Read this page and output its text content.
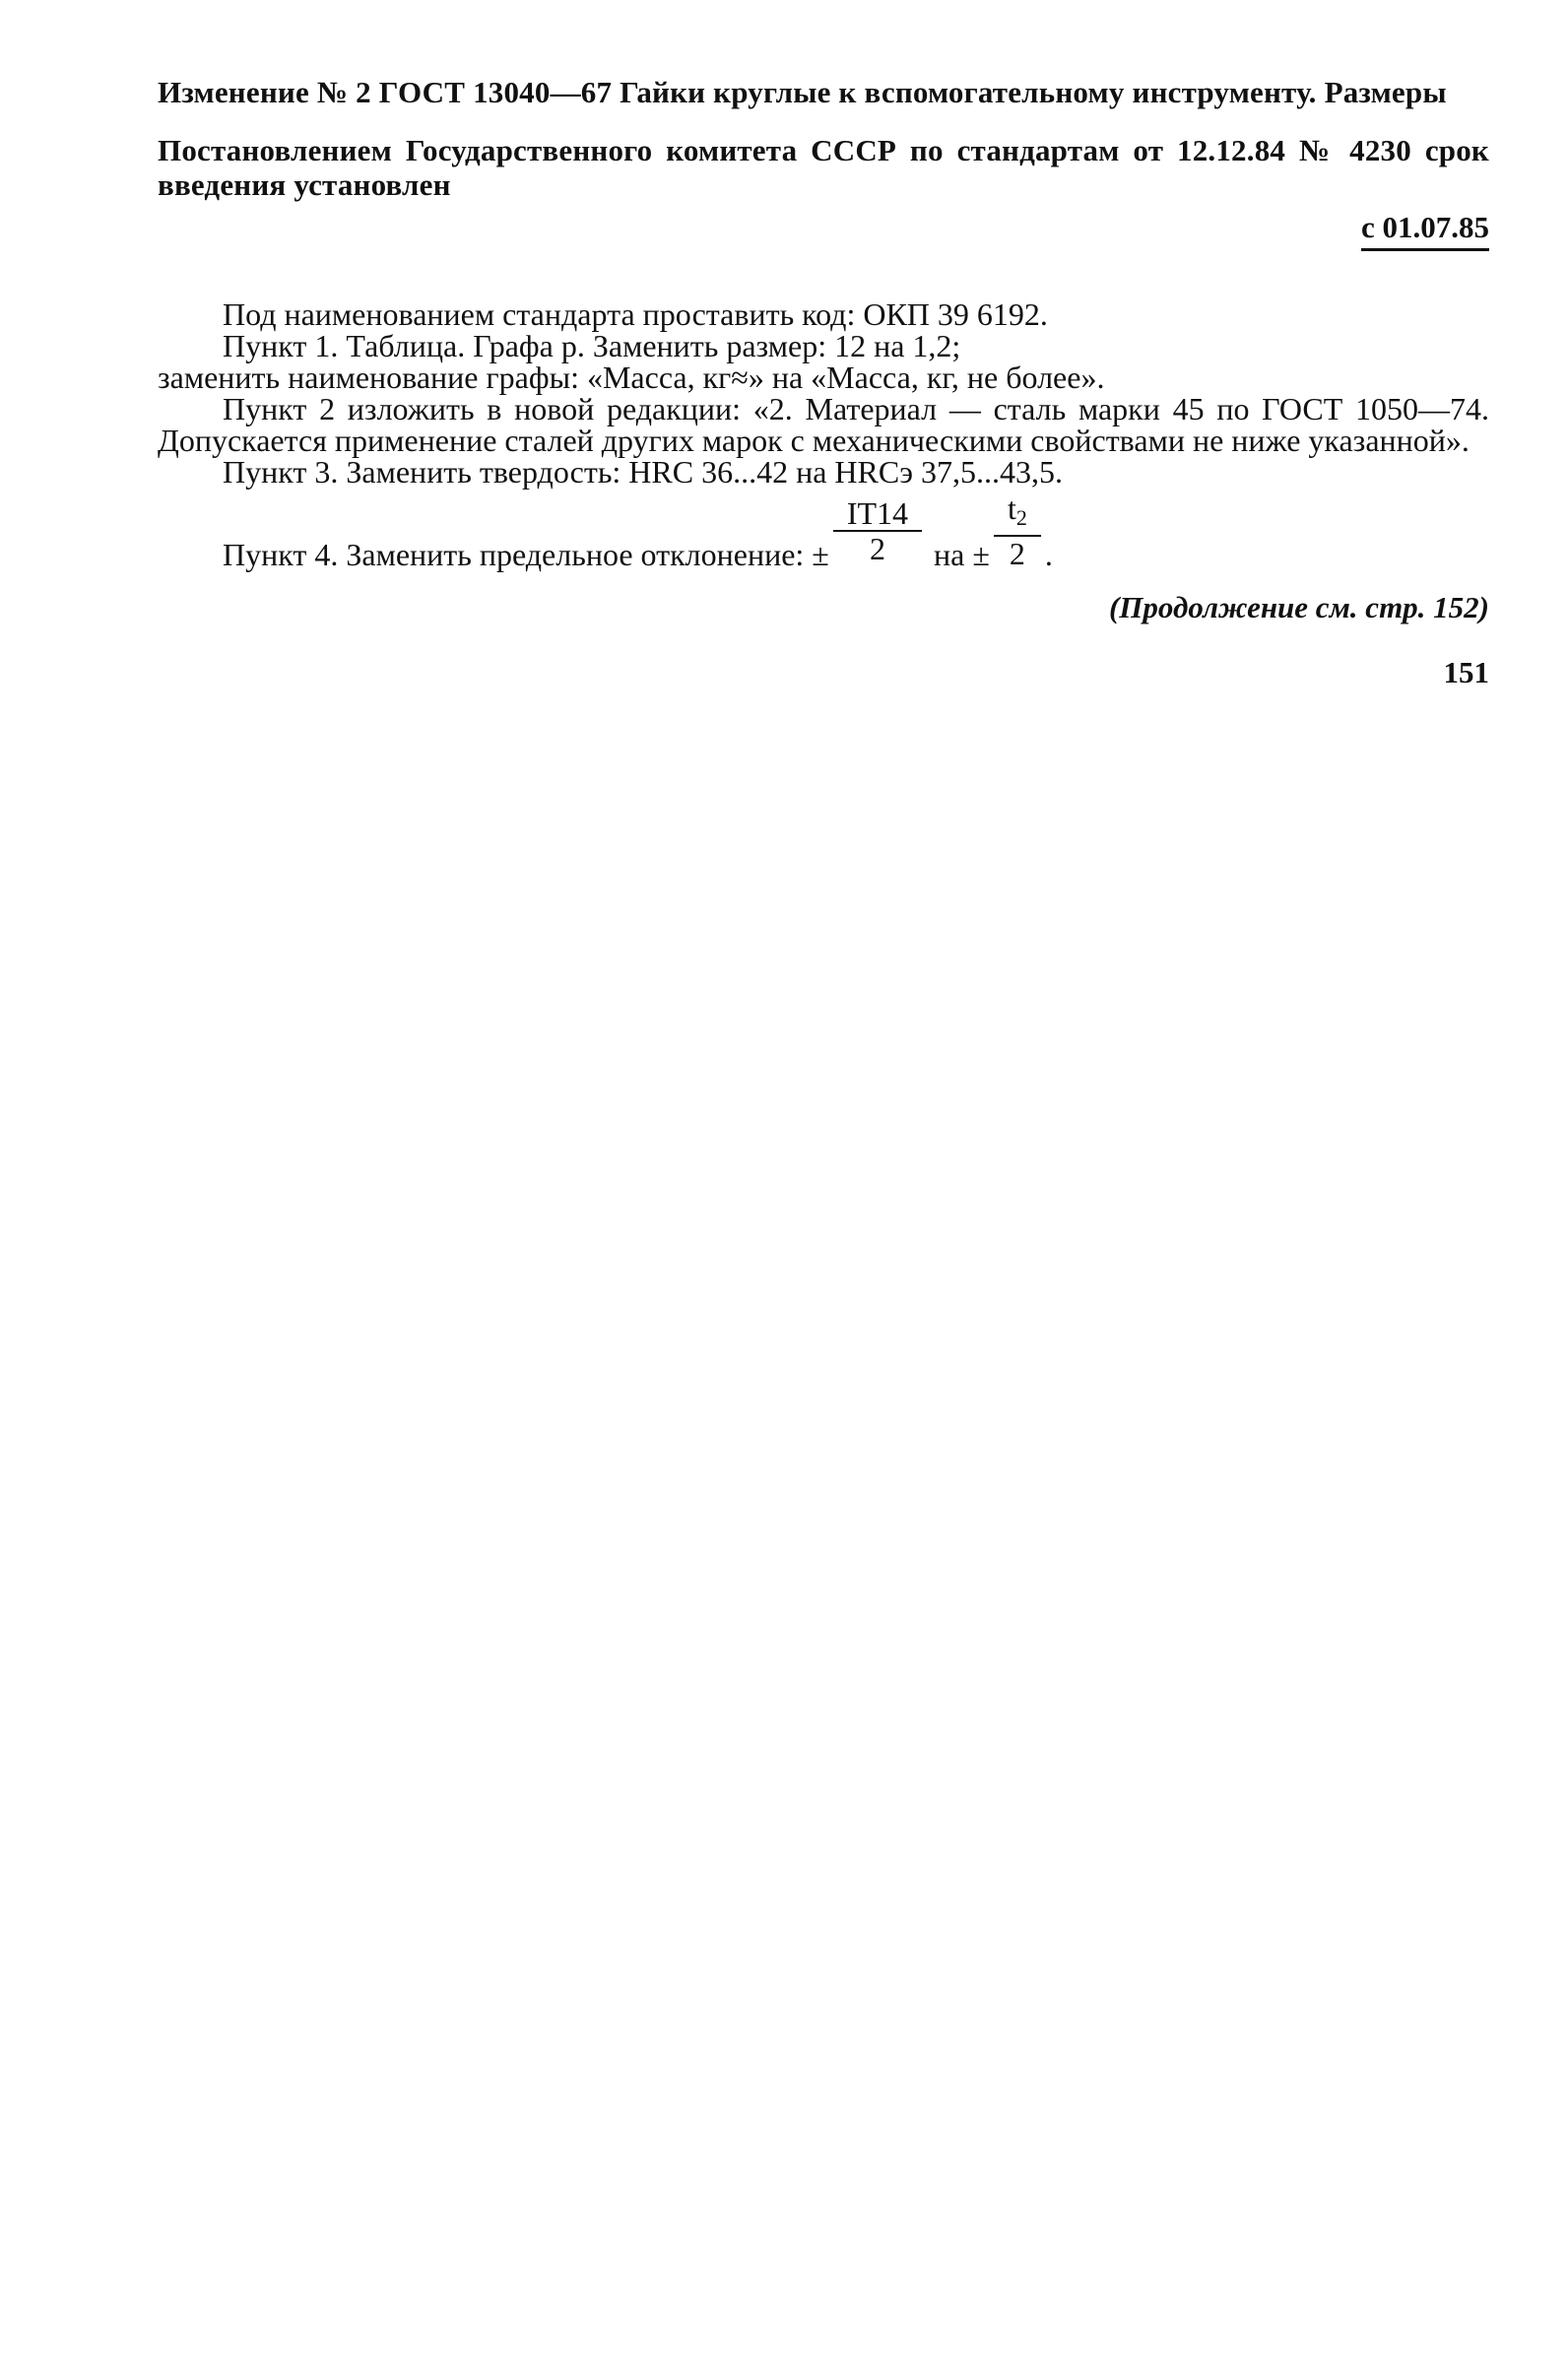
Изменение № 2 ГОСТ 13040—67 Гайки круглые к вспомогательному инструменту. Размеры
Постановлением Государственного комитета СССР по стандартам от 12.12.84 № 4230 срок введения установлен
с 01.07.85
Под наименованием стандарта проставить код: ОКП 39 6192.
Пункт 1. Таблица. Графа р. Заменить размер: 12 на 1,2;
заменить наименование графы: «Масса, кг≈» на «Масса, кг, не более».
Пункт 2 изложить в новой редакции: «2. Материал — сталь марки 45 по ГОСТ 1050—74. Допускается применение сталей других марок с механическими свойствами не ниже указанной».
Пункт 3. Заменить твердость: HRC 36...42 на HRCэ 37,5...43,5.
Пункт 4. Заменить предельное отклонение: ± $\frac{IT14}{2}$ на ± $\frac{t_2}{2}$ .
(Продолжение см. стр. 152)
151
